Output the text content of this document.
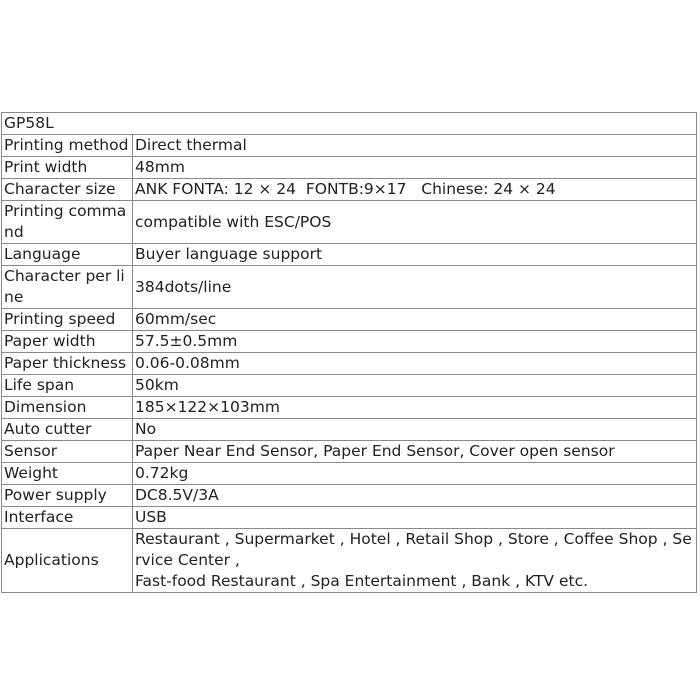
GP58L	
Printing method	Direct thermal
Print width	48mm
Character size	ANK FONTA: 12 × 24  FONTB:9×17   Chinese: 24 × 24
Printing command	compatible with ESC/POS
Language	Buyer language support
Character per line	384dots/line
Printing speed	60mm/sec
Paper width	57.5±0.5mm
Paper thickness	0.06-0.08mm
Life span	50km
Dimension	185×122×103mm
Auto cutter	No
Sensor	Paper Near End Sensor, Paper End Sensor, Cover open sensor
Weight	0.72kg
Power supply	DC8.5V/3A
Interface	USB
Applications	Restaurant , Supermarket , Hotel , Retail Shop , Store , Coffee Shop , Service Center ,
Fast-food Restaurant , Spa Entertainment , Bank , KTV etc.
